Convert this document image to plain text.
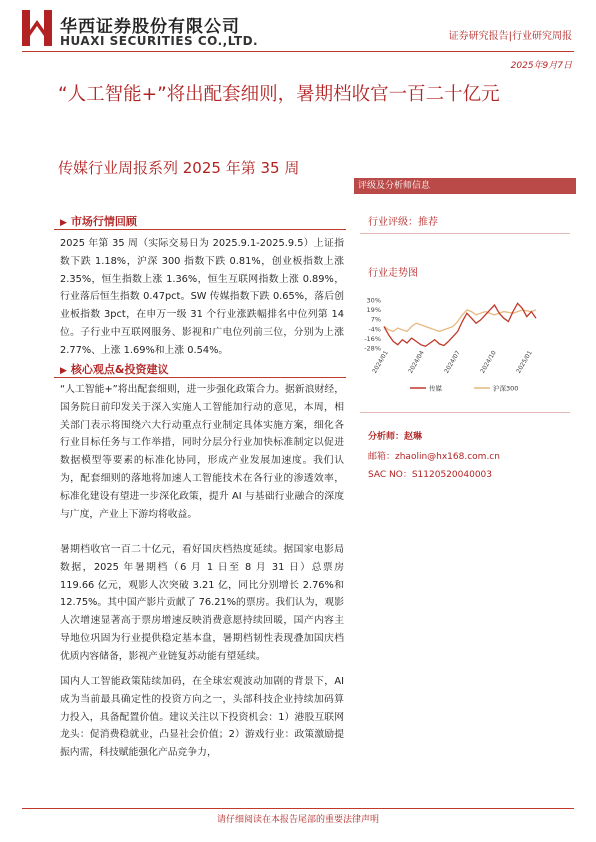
华西证券股份有限公司
HUAXI SECURITIES CO.,LTD.	证券研究报告|行业研究周报
2025年9月7日
“人工智能+”将出配套细则，暑期档收官一百二十亿元
传媒行业周报系列 2025 年第 35 周
评级及分析师信息
行业评级：推荐
行业走势图
30%
19%
7%
-4%
-16%
-28%
2024/01	2024/04	2024/07	2024/10	2025/01
传媒	沪深300
分析师：赵琳
邮箱：zhaolin@hx168.com.cn
SAC NO：S1120520040003
▶ 市场行情回顾
2025 年第 35 周（实际交易日为 2025.9.1-2025.9.5）上证指数下跌 1.18%，沪深 300 指数下跌 0.81%，创业板指数上涨 2.35%，恒生指数上涨 1.36%，恒生互联网指数上涨 0.89%，行业落后恒生指数 0.47pct。SW 传媒指数下跌 0.65%，落后创业板指数 3pct，在申万一级 31 个行业涨跌幅排名中位列第 14 位。子行业中互联网服务、影视和广电位列前三位，分别为上涨 2.77%、上涨 1.69%和上涨 0.54%。
▶ 核心观点&投资建议
“人工智能+”将出配套细则，进一步强化政策合力。据新浪财经，国务院日前印发关于深入实施人工智能加行动的意见，本周，相关部门表示将围绕六大行动重点行业制定具体实施方案，细化各行业目标任务与工作举措，同时分层分行业加快标准制定以促进数据模型等要素的标准化协同，形成产业发展加速度。我们认为，配套细则的落地将加速人工智能技术在各行业的渗透效率，标准化建设有望进一步深化政策，提升 AI 与基础行业融合的深度与广度，产业上下游均将收益。
暑期档收官一百二十亿元，看好国庆档热度延续。据国家电影局数据，2025 年暑期档（6 月 1 日至 8 月 31 日）总票房 119.66 亿元，观影人次突破 3.21 亿，同比分别增长 2.76%和 12.75%。其中国产影片贡献了 76.21%的票房。我们认为，观影人次增速显著高于票房增速反映消费意愿持续回暖，国产内容主导地位巩固为行业提供稳定基本盘，暑期档韧性表现叠加国庆档优质内容储备，影视产业链复苏动能有望延续。
国内人工智能政策陆续加码，在全球宏观波动加剧的背景下，AI 成为当前最具确定性的投资方向之一，头部科技企业持续加码算力投入，具备配置价值。建议关注以下投资机会：1）港股互联网龙头：促消费稳就业，凸显社会价值；2）游戏行业：政策激励提振内需，科技赋能强化产品竞争力，
请仔细阅读在本报告尾部的重要法律声明
